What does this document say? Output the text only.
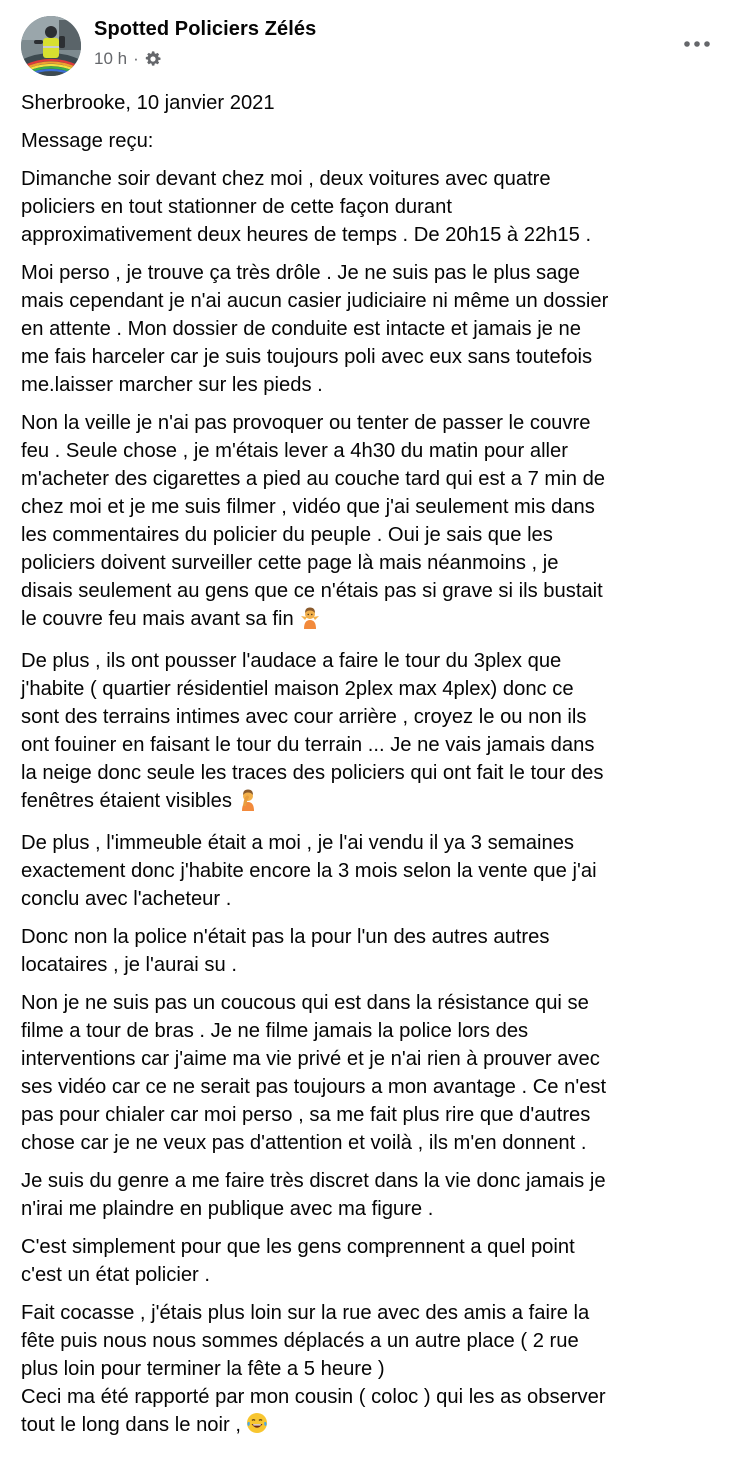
Spotted Policiers Zélés
10 h ·

Sherbrooke, 10 janvier 2021

Message reçu:

Dimanche soir devant chez moi , deux voitures avec quatre
policiers en tout stationner de cette façon durant
approximativement deux heures de temps . De 20h15 à 22h15 .

Moi perso , je trouve ça très drôle . Je ne suis pas le plus sage
mais cependant je n'ai aucun casier judiciaire ni même un dossier
en attente . Mon dossier de conduite est intacte et jamais je ne
me fais harceler car je suis toujours poli avec eux sans toutefois
me.laisser marcher sur les pieds .

Non la veille je n'ai pas provoquer ou tenter de passer le couvre
feu . Seule chose , je m'étais lever a 4h30 du matin pour aller
m'acheter des cigarettes a pied au couche tard qui est a 7 min de
chez moi et je me suis filmer , vidéo que j'ai seulement mis dans
les commentaires du policier du peuple . Oui je sais que les
policiers doivent surveiller cette page là mais néanmoins , je
disais seulement au gens que ce n'étais pas si grave si ils bustait
le couvre feu mais avant sa fin

De plus , ils ont pousser l'audace a faire le tour du 3plex que
j'habite ( quartier résidentiel maison 2plex max 4plex) donc ce
sont des terrains intimes avec cour arrière , croyez le ou non ils
ont fouiner en faisant le tour du terrain ... Je ne vais jamais dans
la neige donc seule les traces des policiers qui ont fait le tour des
fenêtres étaient visibles

De plus , l'immeuble était a moi , je l'ai vendu il ya 3 semaines
exactement donc j'habite encore la 3 mois selon la vente que j'ai
conclu avec l'acheteur .

Donc non la police n'était pas la pour l'un des autres autres
locataires , je l'aurai su .

Non je ne suis pas un coucous qui est dans la résistance qui se
filme a tour de bras . Je ne filme jamais la police lors des
interventions car j'aime ma vie privé et je n'ai rien à prouver avec
ses vidéo car ce ne serait pas toujours a mon avantage . Ce n'est
pas pour chialer car moi perso , sa me fait plus rire que d'autres
chose car je ne veux pas d'attention et voilà , ils m'en donnent .

Je suis du genre a me faire très discret dans la vie donc jamais je
n'irai me plaindre en publique avec ma figure .

C'est simplement pour que les gens comprennent a quel point
c'est un état policier .

Fait cocasse , j'étais plus loin sur la rue avec des amis a faire la
fête puis nous nous sommes déplacés a un autre place ( 2 rue
plus loin pour terminer la fête a 5 heure )
Ceci ma été rapporté par mon cousin ( coloc ) qui les as observer
tout le long dans le noir ,
